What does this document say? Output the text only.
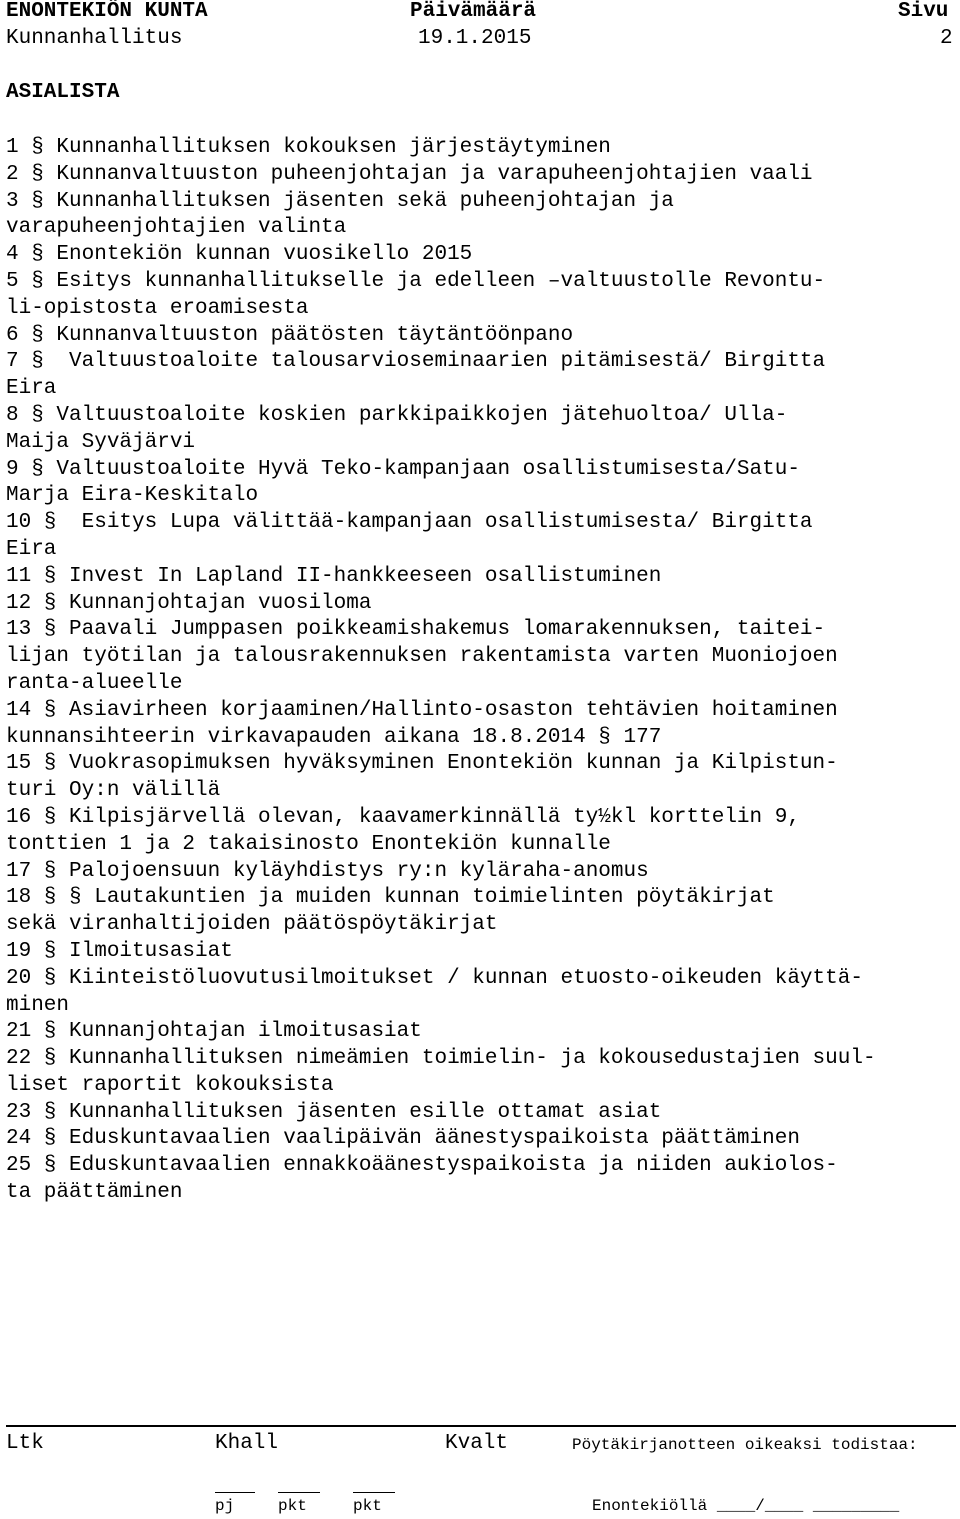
ENONTEKIÖN KUNTA	Päivämäärä	Sivu
Kunnanhallitus	19.1.2015	2
ASIALISTA
1 § Kunnanhallituksen kokouksen järjestäytyminen
2 § Kunnanvaltuuston puheenjohtajan ja varapuheenjohtajien vaali
3 § Kunnanhallituksen jäsenten sekä puheenjohtajan ja
varapuheenjohtajien valinta
4 § Enontekiön kunnan vuosikello 2015
5 § Esitys kunnanhallitukselle ja edelleen –valtuustolle Revontu-
li-opistosta eroamisesta
6 § Kunnanvaltuuston päätösten täytäntöönpano
7 §  Valtuustoaloite talousarvioseminaarien pitämisestä/ Birgitta
Eira
8 § Valtuustoaloite koskien parkkipaikkojen jätehuoltoa/ Ulla-
Maija Syväjärvi
9 § Valtuustoaloite Hyvä Teko-kampanjaan osallistumisesta/Satu-
Marja Eira-Keskitalo
10 §  Esitys Lupa välittää-kampanjaan osallistumisesta/ Birgitta
Eira
11 § Invest In Lapland II-hankkeeseen osallistuminen
12 § Kunnanjohtajan vuosiloma
13 § Paavali Jumppasen poikkeamishakemus lomarakennuksen, taitei-
lijan työtilan ja talousrakennuksen rakentamista varten Muoniojoen
ranta-alueelle
14 § Asiavirheen korjaaminen/Hallinto-osaston tehtävien hoitaminen
kunnansihteerin virkavapauden aikana 18.8.2014 § 177
15 § Vuokrasopimuksen hyväksyminen Enontekiön kunnan ja Kilpistun-
turi Oy:n välillä
16 § Kilpisjärvellä olevan, kaavamerkinnällä ty½kl korttelin 9,
tonttien 1 ja 2 takaisinosto Enontekiön kunnalle
17 § Palojoensuun kyläyhdistys ry:n kyläraha-anomus
18 § § Lautakuntien ja muiden kunnan toimielinten pöytäkirjat
sekä viranhaltijoiden päätöspöytäkirjat
19 § Ilmoitusasiat
20 § Kiinteistöluovutusilmoitukset / kunnan etuosto-oikeuden käyttä-
minen
21 § Kunnanjohtajan ilmoitusasiat
22 § Kunnanhallituksen nimeämien toimielin- ja kokousedustajien suul-
liset raportit kokouksista
23 § Kunnanhallituksen jäsenten esille ottamat asiat
24 § Eduskuntavaalien vaalipäivän äänestyspaikoista päättäminen
25 § Eduskuntavaalien ennakkoäänestyspaikoista ja niiden aukiolos-
ta päättäminen
Ltk	Khall	Kvalt	Pöytäkirjanotteen oikeaksi todistaa:
pj	pkt	pkt	Enontekiöllä ____/____ _________
